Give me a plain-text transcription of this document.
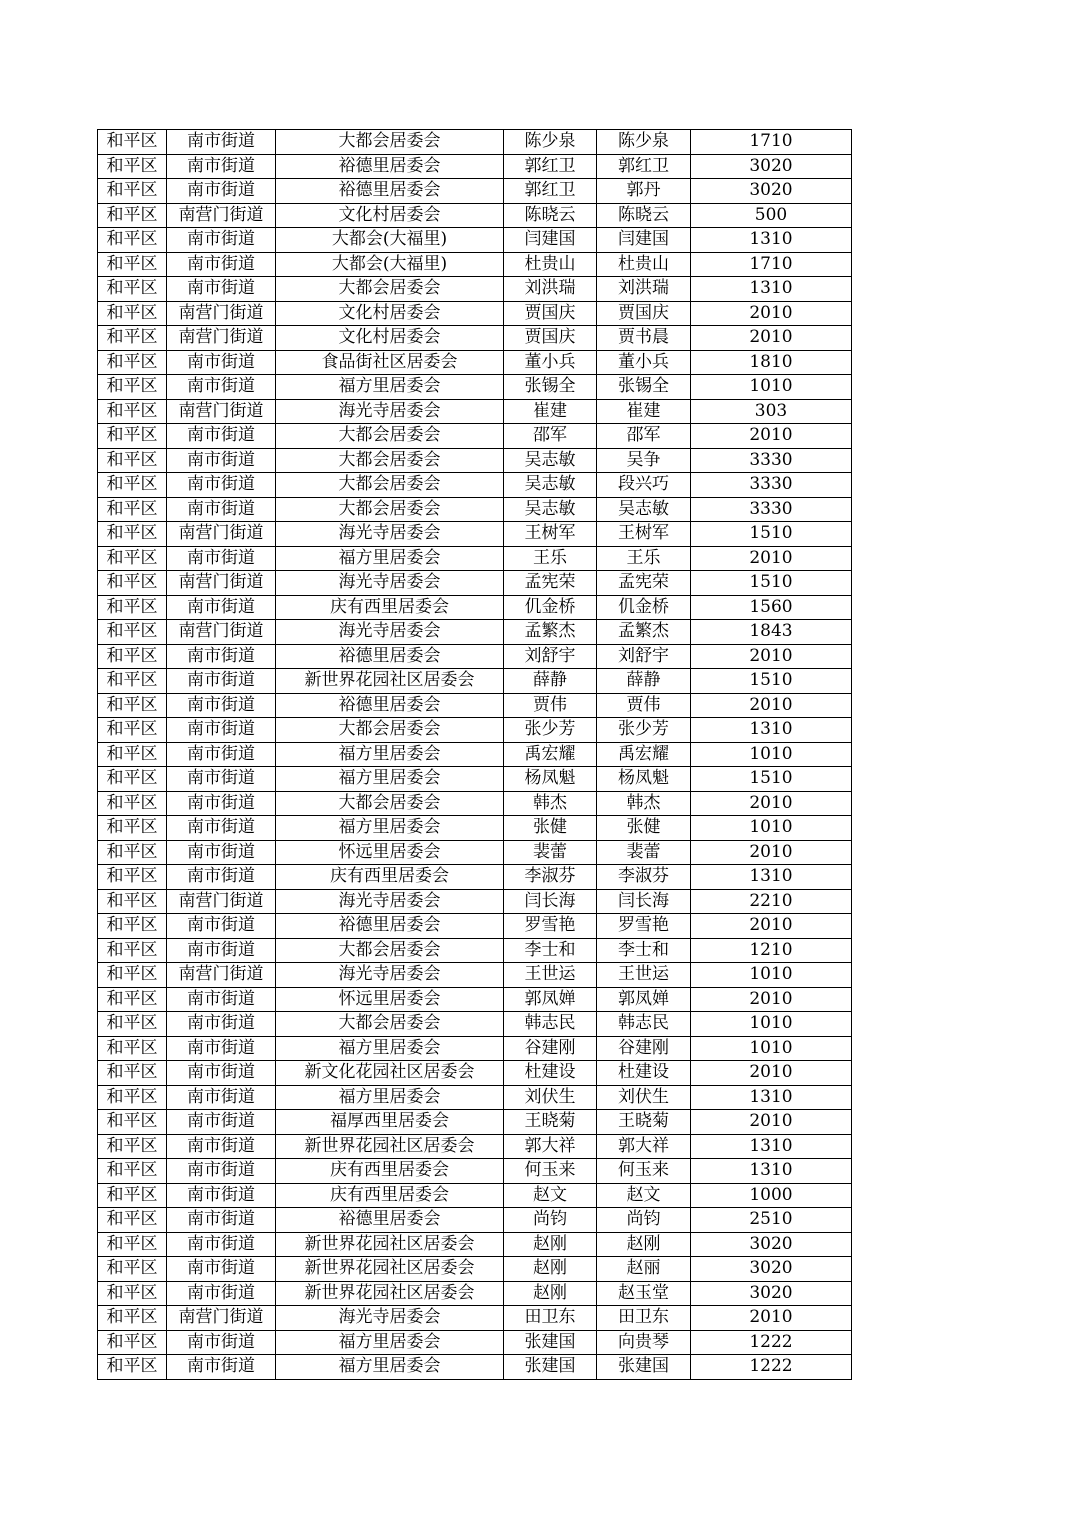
和平区	南市街道	大都会居委会	陈少泉	陈少泉	1710
和平区	南市街道	裕德里居委会	郭红卫	郭红卫	3020
和平区	南市街道	裕德里居委会	郭红卫	郭丹	3020
和平区	南营门街道	文化村居委会	陈晓云	陈晓云	500
和平区	南市街道	大都会(大福里)	闫建国	闫建国	1310
和平区	南市街道	大都会(大福里)	杜贵山	杜贵山	1710
和平区	南市街道	大都会居委会	刘洪瑞	刘洪瑞	1310
和平区	南营门街道	文化村居委会	贾国庆	贾国庆	2010
和平区	南营门街道	文化村居委会	贾国庆	贾书晨	2010
和平区	南市街道	食品街社区居委会	董小兵	董小兵	1810
和平区	南市街道	福方里居委会	张锡全	张锡全	1010
和平区	南营门街道	海光寺居委会	崔建	崔建	303
和平区	南市街道	大都会居委会	邵军	邵军	2010
和平区	南市街道	大都会居委会	吴志敏	吴争	3330
和平区	南市街道	大都会居委会	吴志敏	段兴巧	3330
和平区	南市街道	大都会居委会	吴志敏	吴志敏	3330
和平区	南营门街道	海光寺居委会	王树军	王树军	1510
和平区	南市街道	福方里居委会	王乐	王乐	2010
和平区	南营门街道	海光寺居委会	孟宪荣	孟宪荣	1510
和平区	南市街道	庆有西里居委会	仉金桥	仉金桥	1560
和平区	南营门街道	海光寺居委会	孟繁杰	孟繁杰	1843
和平区	南市街道	裕德里居委会	刘舒宇	刘舒宇	2010
和平区	南市街道	新世界花园社区居委会	薛静	薛静	1510
和平区	南市街道	裕德里居委会	贾伟	贾伟	2010
和平区	南市街道	大都会居委会	张少芳	张少芳	1310
和平区	南市街道	福方里居委会	禹宏耀	禹宏耀	1010
和平区	南市街道	福方里居委会	杨凤魁	杨凤魁	1510
和平区	南市街道	大都会居委会	韩杰	韩杰	2010
和平区	南市街道	福方里居委会	张健	张健	1010
和平区	南市街道	怀远里居委会	裴蕾	裴蕾	2010
和平区	南市街道	庆有西里居委会	李淑芬	李淑芬	1310
和平区	南营门街道	海光寺居委会	闫长海	闫长海	2210
和平区	南市街道	裕德里居委会	罗雪艳	罗雪艳	2010
和平区	南市街道	大都会居委会	李士和	李士和	1210
和平区	南营门街道	海光寺居委会	王世运	王世运	1010
和平区	南市街道	怀远里居委会	郭凤婵	郭凤婵	2010
和平区	南市街道	大都会居委会	韩志民	韩志民	1010
和平区	南市街道	福方里居委会	谷建刚	谷建刚	1010
和平区	南市街道	新文化花园社区居委会	杜建设	杜建设	2010
和平区	南市街道	福方里居委会	刘伏生	刘伏生	1310
和平区	南市街道	福厚西里居委会	王晓菊	王晓菊	2010
和平区	南市街道	新世界花园社区居委会	郭大祥	郭大祥	1310
和平区	南市街道	庆有西里居委会	何玉来	何玉来	1310
和平区	南市街道	庆有西里居委会	赵文	赵文	1000
和平区	南市街道	裕德里居委会	尚钧	尚钧	2510
和平区	南市街道	新世界花园社区居委会	赵刚	赵刚	3020
和平区	南市街道	新世界花园社区居委会	赵刚	赵丽	3020
和平区	南市街道	新世界花园社区居委会	赵刚	赵玉堂	3020
和平区	南营门街道	海光寺居委会	田卫东	田卫东	2010
和平区	南市街道	福方里居委会	张建国	向贵琴	1222
和平区	南市街道	福方里居委会	张建国	张建国	1222
